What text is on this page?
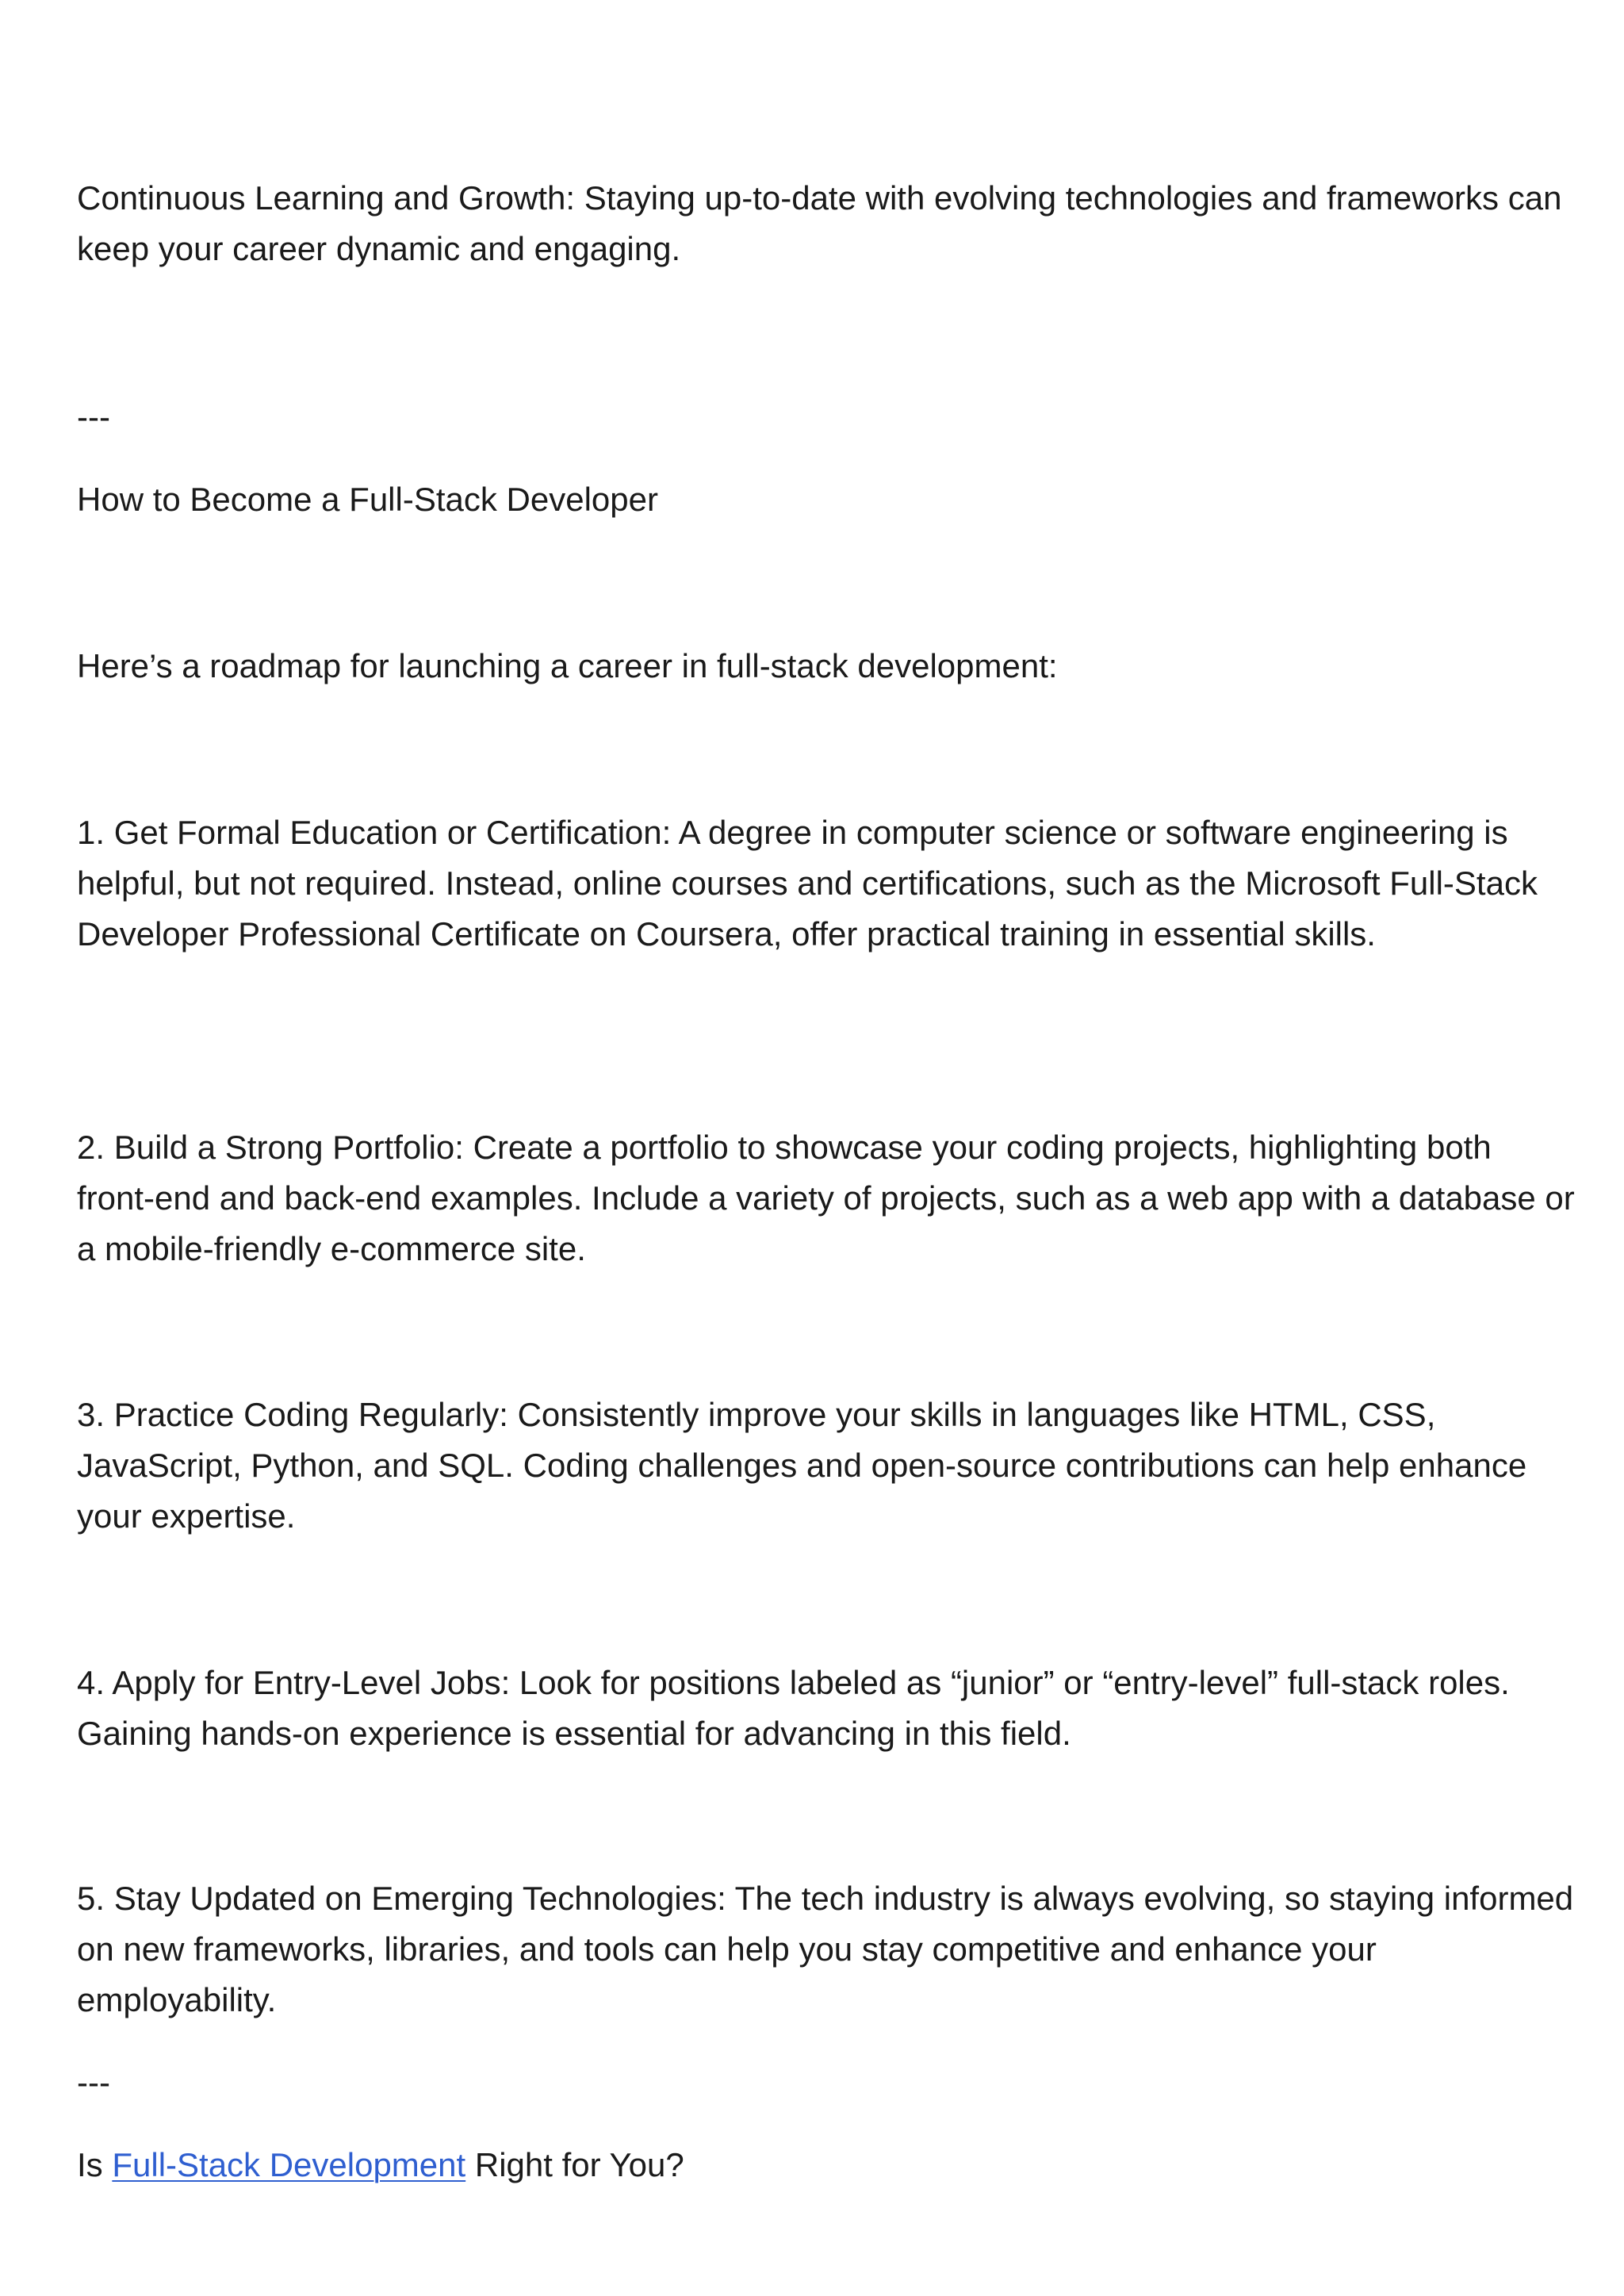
Continuous Learning and Growth: Staying up-to-date with evolving technologies and frameworks can keep your career dynamic and engaging.

---

How to Become a Full-Stack Developer

Here’s a roadmap for launching a career in full-stack development:

1. Get Formal Education or Certification: A degree in computer science or software engineering is helpful, but not required. Instead, online courses and certifications, such as the Microsoft Full-Stack Developer Professional Certificate on Coursera, offer practical training in essential skills.

2. Build a Strong Portfolio: Create a portfolio to showcase your coding projects, highlighting both front-end and back-end examples. Include a variety of projects, such as a web app with a database or a mobile-friendly e-commerce site.

3. Practice Coding Regularly: Consistently improve your skills in languages like HTML, CSS, JavaScript, Python, and SQL. Coding challenges and open-source contributions can help enhance your expertise.

4. Apply for Entry-Level Jobs: Look for positions labeled as “junior” or “entry-level” full-stack roles. Gaining hands-on experience is essential for advancing in this field.

5. Stay Updated on Emerging Technologies: The tech industry is always evolving, so staying informed on new frameworks, libraries, and tools can help you stay competitive and enhance your employability.

---

Is Full-Stack Development Right for You?
